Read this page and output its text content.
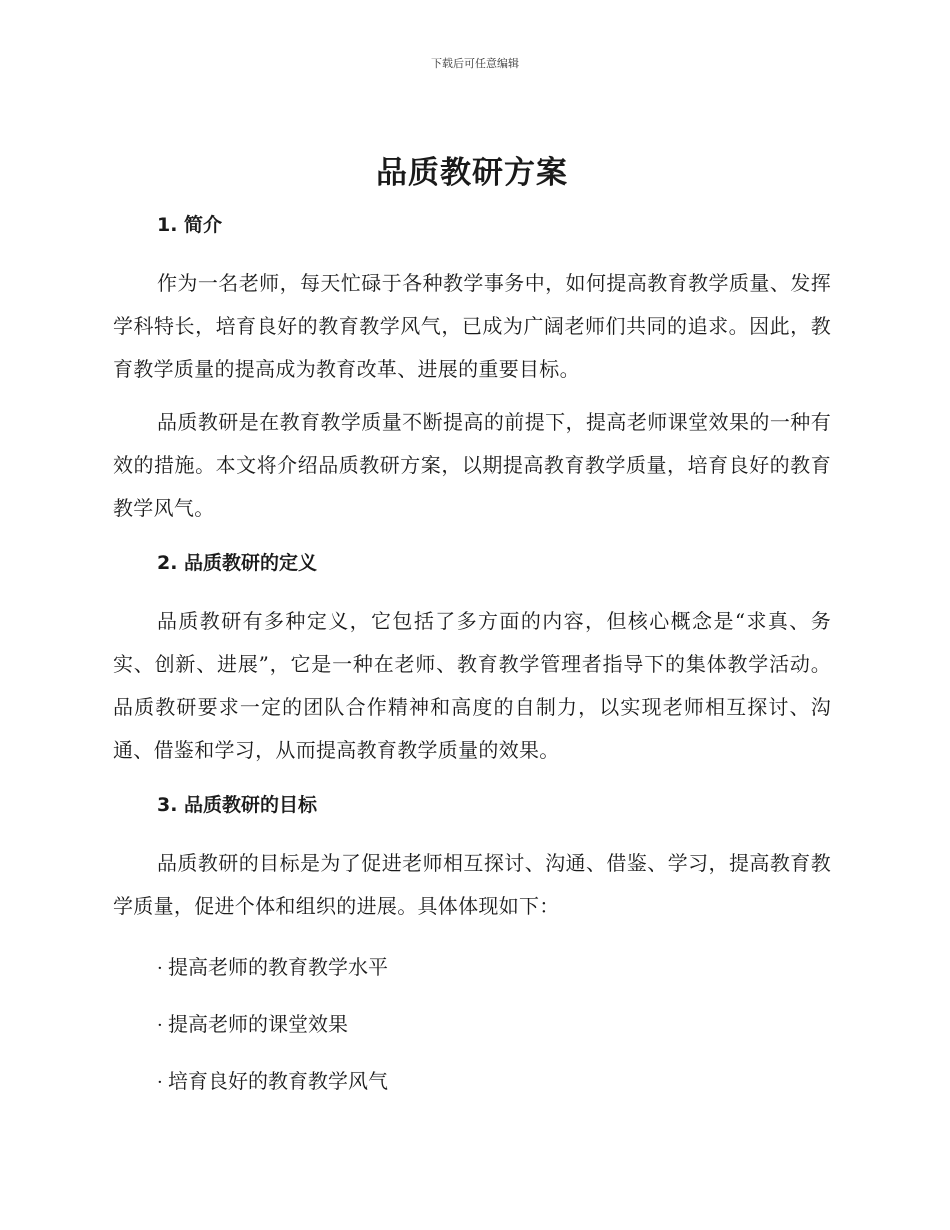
下载后可任意编辑
品质教研方案
1. 简介

作为一名老师，每天忙碌于各种教学事务中，如何提高教育教学质量、发挥学科特长，培育良好的教育教学风气，已成为广阔老师们共同的追求。因此，教育教学质量的提高成为教育改革、进展的重要目标。

品质教研是在教育教学质量不断提高的前提下，提高老师课堂效果的一种有效的措施。本文将介绍品质教研方案，以期提高教育教学质量，培育良好的教育教学风气。

2. 品质教研的定义

品质教研有多种定义，它包括了多方面的内容，但核心概念是“求真、务实、创新、进展”，它是一种在老师、教育教学管理者指导下的集体教学活动。品质教研要求一定的团队合作精神和高度的自制力，以实现老师相互探讨、沟通、借鉴和学习，从而提高教育教学质量的效果。

3. 品质教研的目标

品质教研的目标是为了促进老师相互探讨、沟通、借鉴、学习，提高教育教学质量，促进个体和组织的进展。具体体现如下：

· 提高老师的教育教学水平
· 提高老师的课堂效果
· 培育良好的教育教学风气
